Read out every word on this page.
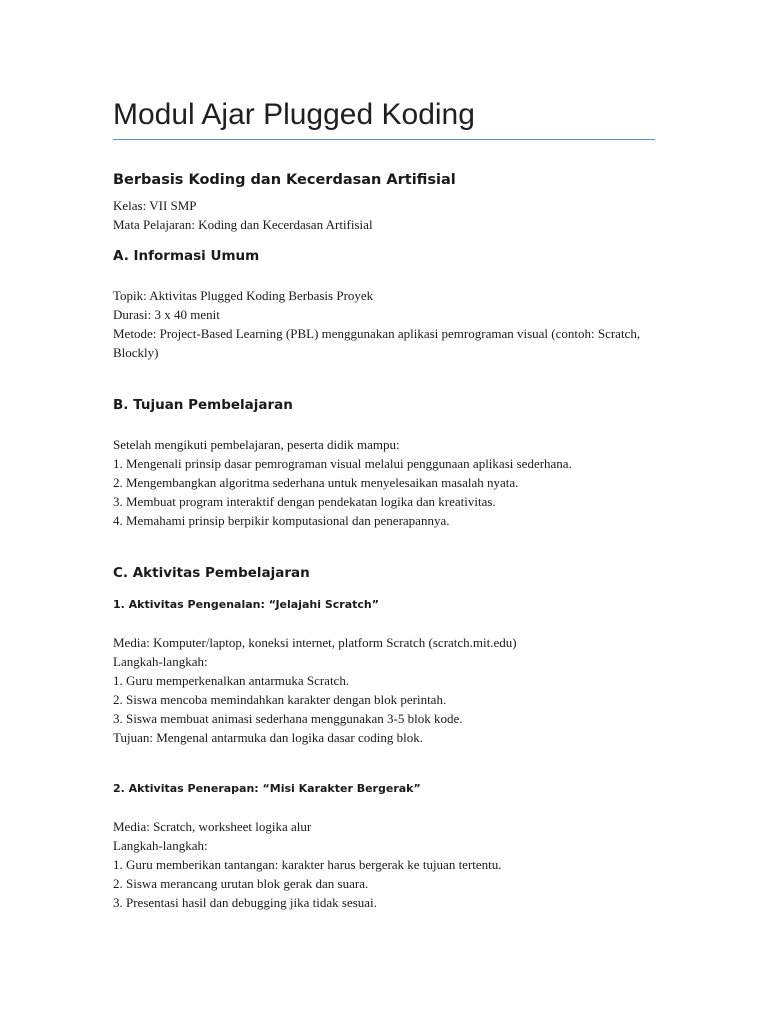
Modul Ajar Plugged Koding
Berbasis Koding dan Kecerdasan Artifisial

Kelas: VII SMP

Mata Pelajaran: Koding dan Kecerdasan Artifisial

A. Informasi Umum

Topik: Aktivitas Plugged Koding Berbasis Proyek

Durasi: 3 x 40 menit

Metode: Project-Based Learning (PBL) menggunakan aplikasi pemrograman visual (contoh: Scratch, Blockly)

B. Tujuan Pembelajaran

Setelah mengikuti pembelajaran, peserta didik mampu:

1. Mengenali prinsip dasar pemrograman visual melalui penggunaan aplikasi sederhana.

2. Mengembangkan algoritma sederhana untuk menyelesaikan masalah nyata.

3. Membuat program interaktif dengan pendekatan logika dan kreativitas.

4. Memahami prinsip berpikir komputasional dan penerapannya.

C. Aktivitas Pembelajaran
1. Aktivitas Pengenalan: “Jelajahi Scratch”

Media: Komputer/laptop, koneksi internet, platform Scratch (scratch.mit.edu)

Langkah-langkah:

1. Guru memperkenalkan antarmuka Scratch.

2. Siswa mencoba memindahkan karakter dengan blok perintah.

3. Siswa membuat animasi sederhana menggunakan 3-5 blok kode.

Tujuan: Mengenal antarmuka dan logika dasar coding blok.

2. Aktivitas Penerapan: “Misi Karakter Bergerak”

Media: Scratch, worksheet logika alur

Langkah-langkah:

1. Guru memberikan tantangan: karakter harus bergerak ke tujuan tertentu.

2. Siswa merancang urutan blok gerak dan suara.

3. Presentasi hasil dan debugging jika tidak sesuai.
